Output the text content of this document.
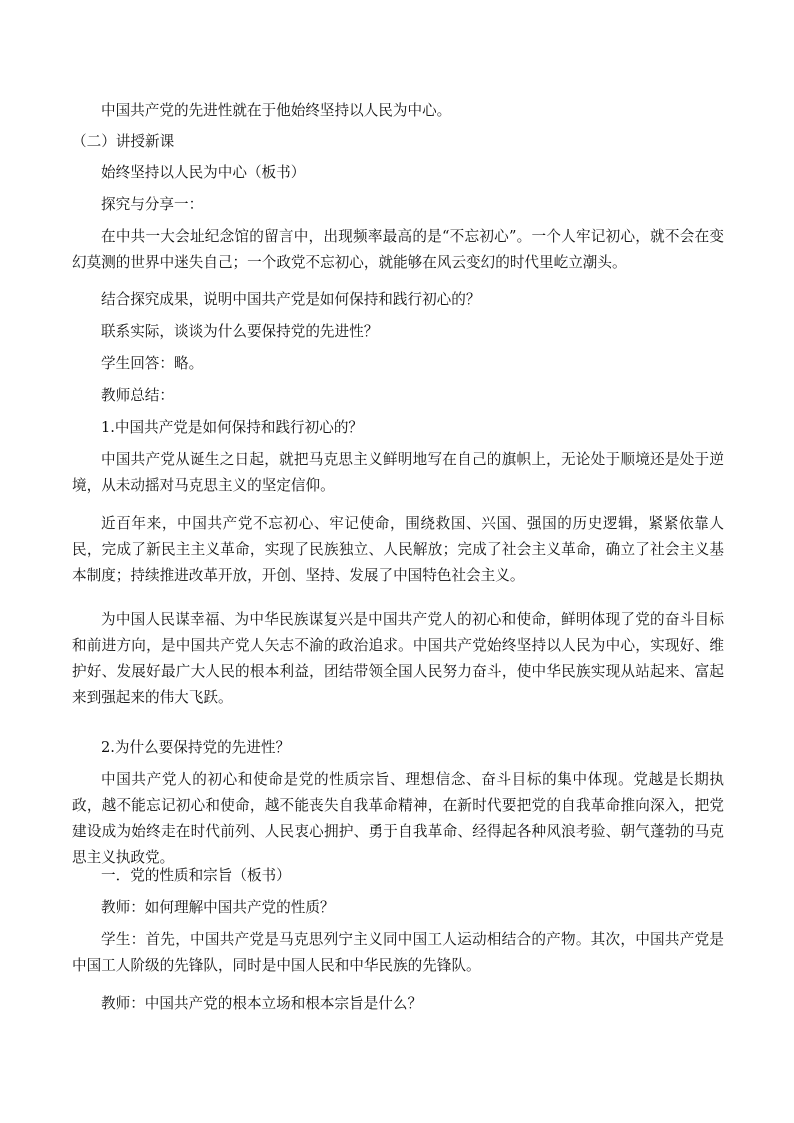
中国共产党的先进性就在于他始终坚持以人民为中心。

（二）讲授新课

始终坚持以人民为中心（板书）

探究与分享一：

在中共一大会址纪念馆的留言中，出现频率最高的是“不忘初心”。一个人牢记初心，就不会在变幻莫测的世界中迷失自己；一个政党不忘初心，就能够在风云变幻的时代里屹立潮头。

结合探究成果，说明中国共产党是如何保持和践行初心的？

联系实际，谈谈为什么要保持党的先进性？

学生回答：略。

教师总结：

1.中国共产党是如何保持和践行初心的？

中国共产党从诞生之日起，就把马克思主义鲜明地写在自己的旗帜上，无论处于顺境还是处于逆境，从未动摇对马克思主义的坚定信仰。

近百年来，中国共产党不忘初心、牢记使命，围绕救国、兴国、强国的历史逻辑，紧紧依靠人民，完成了新民主主义革命，实现了民族独立、人民解放；完成了社会主义革命，确立了社会主义基本制度；持续推进改革开放，开创、坚持、发展了中国特色社会主义。

为中国人民谋幸福、为中华民族谋复兴是中国共产党人的初心和使命，鲜明体现了党的奋斗目标和前进方向，是中国共产党人矢志不渝的政治追求。中国共产党始终坚持以人民为中心，实现好、维护好、发展好最广大人民的根本利益，团结带领全国人民努力奋斗，使中华民族实现从站起来、富起来到强起来的伟大飞跃。

2.为什么要保持党的先进性？

中国共产党人的初心和使命是党的性质宗旨、理想信念、奋斗目标的集中体现。党越是长期执政，越不能忘记初心和使命，越不能丧失自我革命精神，在新时代要把党的自我革命推向深入，把党建设成为始终走在时代前列、人民衷心拥护、勇于自我革命、经得起各种风浪考验、朝气蓬勃的马克思主义执政党。

一．党的性质和宗旨（板书）

教师：如何理解中国共产党的性质？

学生：首先，中国共产党是马克思列宁主义同中国工人运动相结合的产物。其次，中国共产党是中国工人阶级的先锋队，同时是中国人民和中华民族的先锋队。

教师：中国共产党的根本立场和根本宗旨是什么？
